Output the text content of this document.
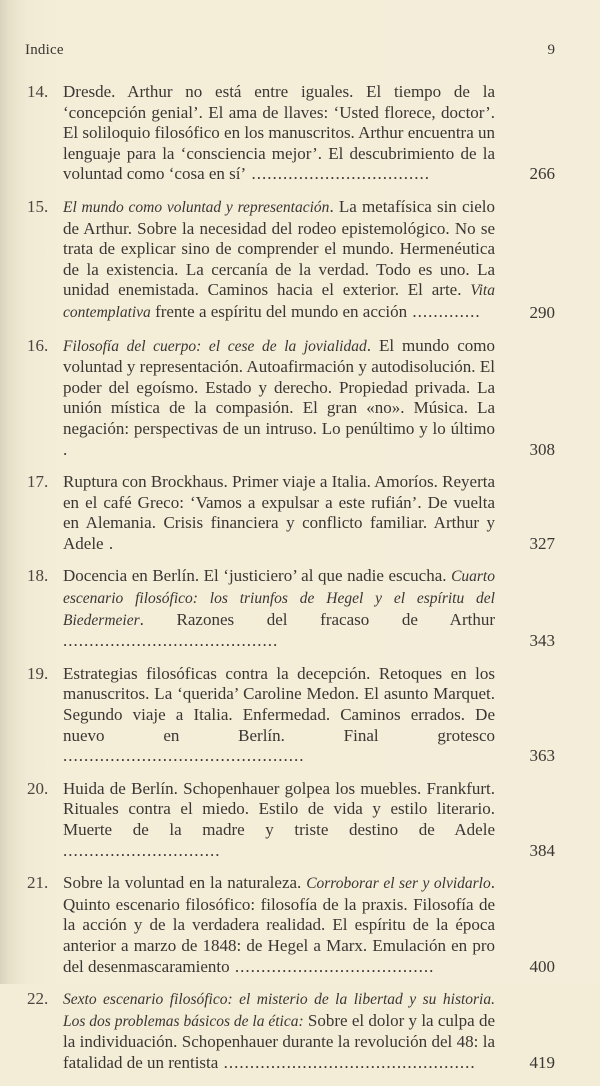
Indice	9
14. Dresde. Arthur no está entre iguales. El tiempo de la ‘concepción genial’. El ama de llaves: ‘Usted florece, doctor’. El soliloquio filosófico en los manuscritos. Arthur encuentra un lenguaje para la ‘consciencia mejor’. El descubrimiento de la voluntad como ‘cosa en sí’ ..................................	266
15. El mundo como voluntad y representación. La metafísica sin cielo de Arthur. Sobre la necesidad del rodeo epistemológico. No se trata de explicar sino de comprender el mundo. Hermenéutica de la existencia. La cercanía de la verdad. Todo es uno. La unidad enemistada. Caminos hacia el exterior. El arte. Vita contemplativa frente a espíritu del mundo en acción .............	290
16. Filosofía del cuerpo: el cese de la jovialidad. El mundo como voluntad y representación. Autoafirmación y autodisolución. El poder del egoísmo. Estado y derecho. Propiedad privada. La unión mística de la compasión. El gran «no». Música. La negación: perspectivas de un intruso. Lo penúltimo y lo último .	308
17. Ruptura con Brockhaus. Primer viaje a Italia. Amoríos. Reyerta en el café Greco: ‘Vamos a expulsar a este rufián’. De vuelta en Alemania. Crisis financiera y conflicto familiar. Arthur y Adele .	327
18. Docencia en Berlín. El ‘justiciero’ al que nadie escucha. Cuarto escenario filosófico: los triunfos de Hegel y el espíritu del Biedermeier. Razones del fracaso de Arthur .........................................	343
19. Estrategias filosóficas contra la decepción. Retoques en los manuscritos. La ‘querida’ Caroline Medon. El asunto Marquet. Segundo viaje a Italia. Enfermedad. Caminos errados. De nuevo en Berlín. Final grotesco ..............................................	363
20. Huida de Berlín. Schopenhauer golpea los muebles. Frankfurt. Rituales contra el miedo. Estilo de vida y estilo literario. Muerte de la madre y triste destino de Adele ..............................	384
21. Sobre la voluntad en la naturaleza. Corroborar el ser y olvidarlo. Quinto escenario filosófico: filosofía de la praxis. Filosofía de la acción y de la verdadera realidad. El espíritu de la época anterior a marzo de 1848: de Hegel a Marx. Emulación en pro del desenmascaramiento ......................................	400
22. Sexto escenario filosófico: el misterio de la libertad y su historia. Los dos problemas básicos de la ética: Sobre el dolor y la culpa de la individuación. Schopenhauer durante la revolución del 48: la fatalidad de un rentista ................................................	419
